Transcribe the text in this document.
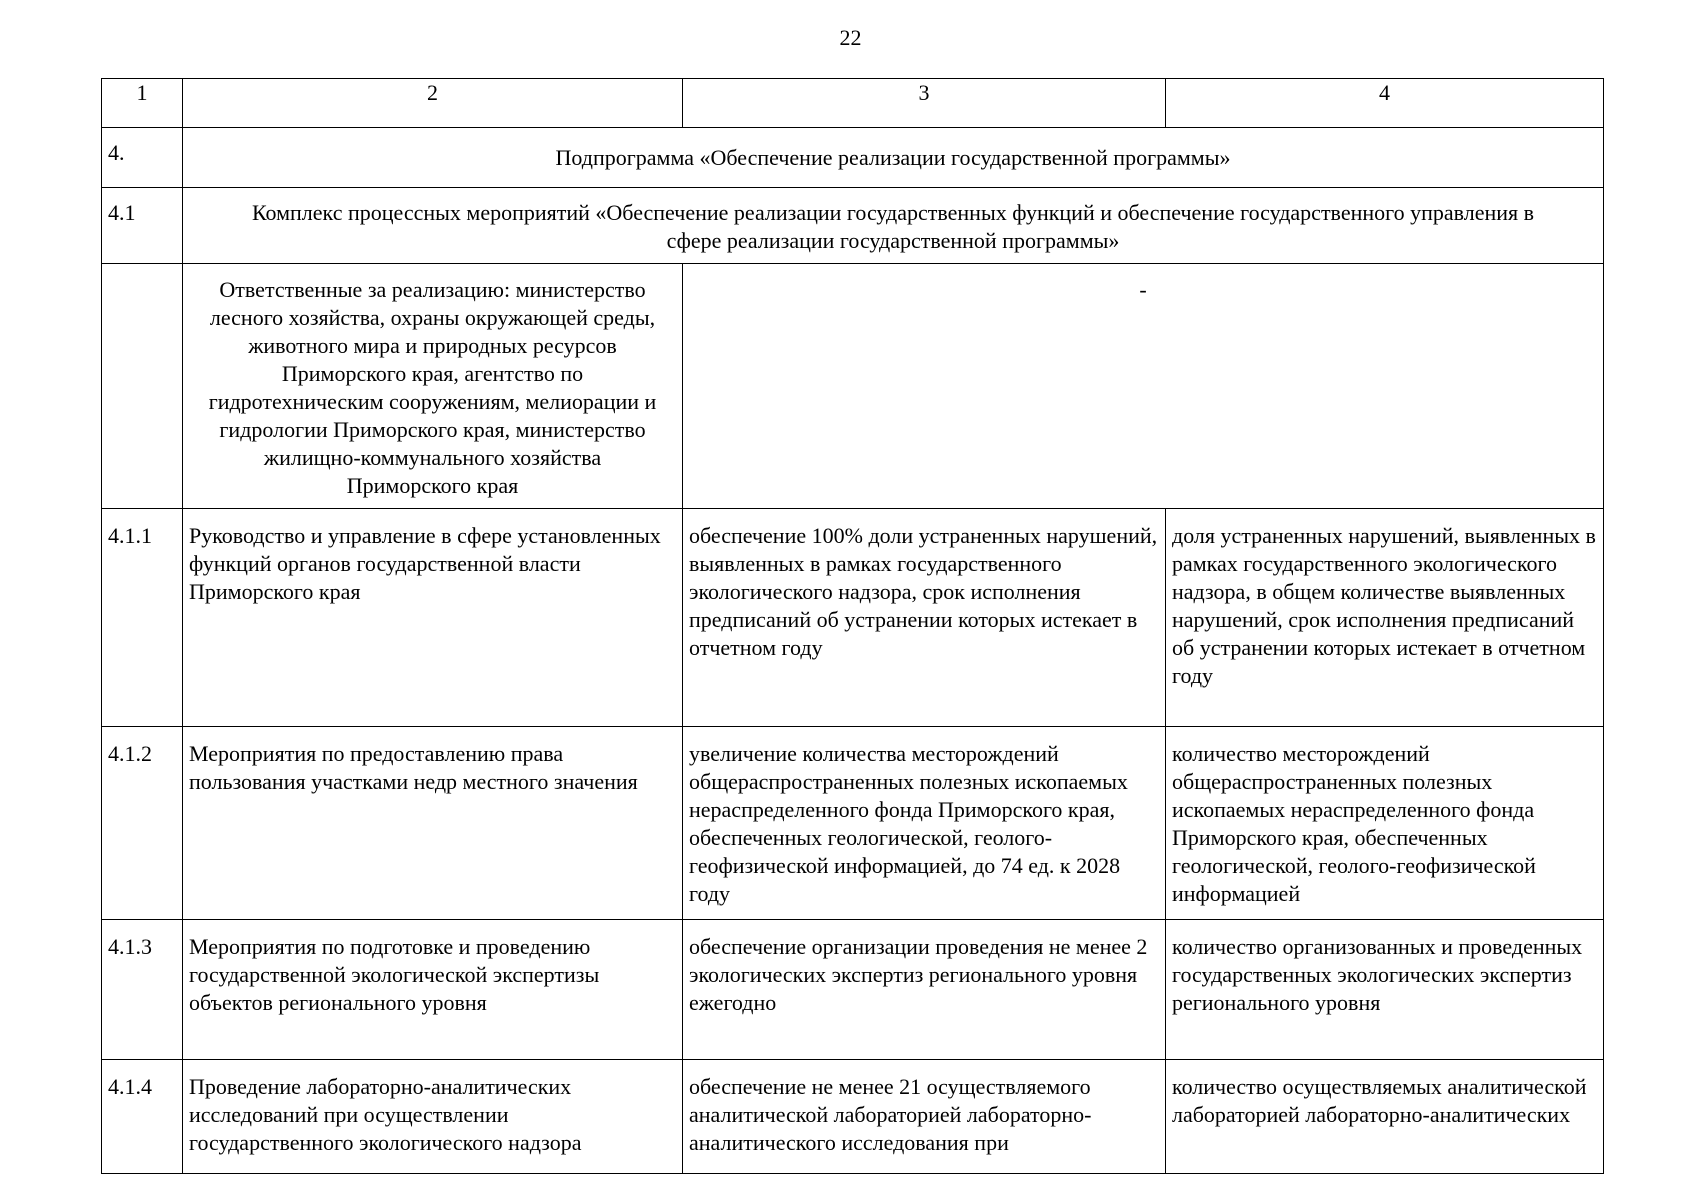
22
1	2	3	4
4.	Подпрограмма «Обеспечение реализации государственной программы»		
4.1	Комплекс процессных мероприятий «Обеспечение реализации государственных функций и обеспечение государственного управления в сфере реализации государственной программы»		
	Ответственные за реализацию: министерство лесного хозяйства, охраны окружающей среды, животного мира и природных ресурсов Приморского края, агентство по гидротехническим сооружениям, мелиорации и гидрологии Приморского края, министерство жилищно-коммунального хозяйства Приморского края	-	
4.1.1	Руководство и управление в сфере установленных функций органов государственной власти Приморского края	обеспечение 100% доли устраненных нарушений, выявленных в рамках государственного экологического надзора, срок исполнения предписаний об устранении которых истекает в отчетном году	доля устраненных нарушений, выявленных в рамках государственного экологического надзора, в общем количестве выявленных нарушений, срок исполнения предписаний об устранении которых истекает в отчетном году
4.1.2	Мероприятия по предоставлению права пользования участками недр местного значения	увеличение количества месторождений общераспространенных полезных ископаемых нераспределенного фонда Приморского края, обеспеченных геологической, геолого-геофизической информацией, до 74 ед. к 2028 году	количество месторождений общераспространенных полезных ископаемых нераспределенного фонда Приморского края, обеспеченных геологической, геолого-геофизической информацией
4.1.3	Мероприятия по подготовке и проведению государственной экологической экспертизы объектов регионального уровня	обеспечение организации проведения не менее 2 экологических экспертиз регионального уровня ежегодно	количество организованных и проведенных государственных экологических экспертиз регионального уровня
4.1.4	Проведение лабораторно-аналитических исследований при осуществлении государственного экологического надзора	обеспечение не менее 21 осуществляемого аналитической лабораторией лабораторно-аналитического исследования при	количество осуществляемых аналитической лабораторией лабораторно-аналитических
